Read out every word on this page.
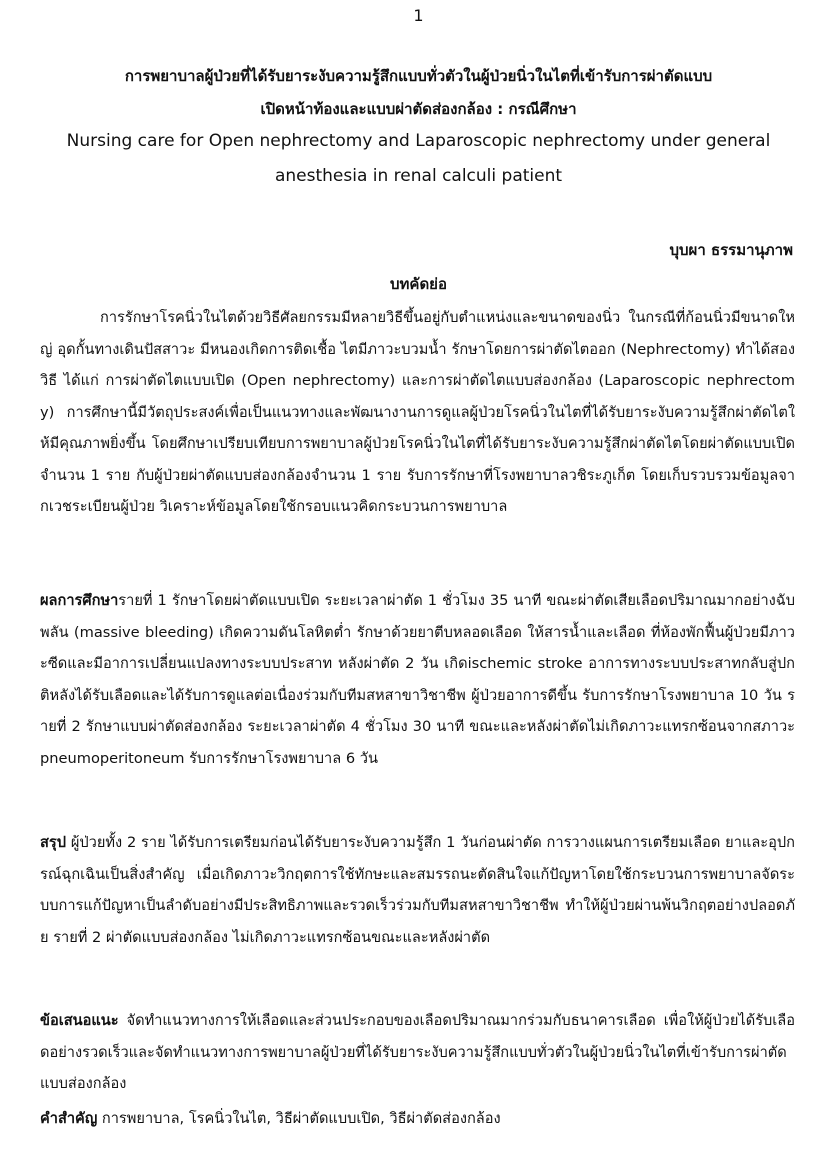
1
การพยาบาลผู้ป่วยที่ได้รับยาระงับความรู้สึกแบบทั่วตัวในผู้ป่วยนิ่วในไตที่เข้ารับการผ่าตัดแบบ
เปิดหน้าท้องและแบบผ่าตัดส่องกล้อง : กรณีศึกษา
Nursing care for Open nephrectomy and Laparoscopic nephrectomy under general
anesthesia in renal calculi patient
บุบผา ธรรมานุภาพ
บทคัดย่อ
การรักษาโรคนิ่วในไตด้วยวิธีศัลยกรรมมีหลายวิธีขึ้นอยู่กับตำแหน่งและขนาดของนิ่ว ในกรณีที่ก้อนนิ่วมีขนาดใหญ่ อุดกั้นทางเดินปัสสาวะ มีหนองเกิดการติดเชื้อ ไตมีภาวะบวมน้ำ รักษาโดยการผ่าตัดไตออก (Nephrectomy) ทำได้สองวิธี ได้แก่ การผ่าตัดไตแบบเปิด (Open nephrectomy) และการผ่าตัดไตแบบส่องกล้อง (Laparoscopic nephrectomy) การศึกษานี้มีวัตถุประสงค์เพื่อเป็นแนวทางและพัฒนางานการดูแลผู้ป่วยโรคนิ่วในไตที่ได้รับยาระงับความรู้สึกผ่าตัดไตให้มีคุณภาพยิ่งขึ้น โดยศึกษาเปรียบเทียบการพยาบาลผู้ป่วยโรคนิ่วในไตที่ได้รับยาระงับความรู้สึกผ่าตัดไตโดยผ่าตัดแบบเปิด จำนวน 1 ราย กับผู้ป่วยผ่าตัดแบบส่องกล้องจำนวน 1 ราย รับการรักษาที่โรงพยาบาลวชิระภูเก็ต โดยเก็บรวบรวมข้อมูลจากเวชระเบียนผู้ป่วย วิเคราะห์ข้อมูลโดยใช้กรอบแนวคิดกระบวนการพยาบาล
ผลการศึกษารายที่ 1 รักษาโดยผ่าตัดแบบเปิด ระยะเวลาผ่าตัด 1 ชั่วโมง 35 นาที ขณะผ่าตัดเสียเลือดปริมาณมากอย่างฉับพลัน (massive bleeding) เกิดความดันโลหิตต่ำ รักษาด้วยยาตีบหลอดเลือด ให้สารน้ำและเลือด ที่ห้องพักฟื้นผู้ป่วยมีภาวะซีดและมีอาการเปลี่ยนแปลงทางระบบประสาท หลังผ่าตัด 2 วัน เกิดischemic stroke อาการทางระบบประสาทกลับสู่ปกติหลังได้รับเลือดและได้รับการดูแลต่อเนื่องร่วมกับทีมสหสาขาวิชาชีพ ผู้ป่วยอาการดีขึ้น รับการรักษาโรงพยาบาล 10 วัน รายที่ 2 รักษาแบบผ่าตัดส่องกล้อง ระยะเวลาผ่าตัด 4 ชั่วโมง 30 นาที ขณะและหลังผ่าตัดไม่เกิดภาวะแทรกซ้อนจากสภาวะ pneumoperitoneum รับการรักษาโรงพยาบาล 6 วัน
สรุป ผู้ป่วยทั้ง 2 ราย ได้รับการเตรียมก่อนได้รับยาระงับความรู้สึก 1 วันก่อนผ่าตัด การวางแผนการเตรียมเลือด ยาและอุปกรณ์ฉุกเฉินเป็นสิ่งสำคัญ เมื่อเกิดภาวะวิกฤตการใช้ทักษะและสมรรถนะตัดสินใจแก้ปัญหาโดยใช้กระบวนการพยาบาลจัดระบบการแก้ปัญหาเป็นลำดับอย่างมีประสิทธิภาพและรวดเร็วร่วมกับทีมสหสาขาวิชาชีพ ทำให้ผู้ป่วยผ่านพ้นวิกฤตอย่างปลอดภัย รายที่ 2 ผ่าตัดแบบส่องกล้อง ไม่เกิดภาวะแทรกซ้อนขณะและหลังผ่าตัด
ข้อเสนอแนะ จัดทำแนวทางการให้เลือดและส่วนประกอบของเลือดปริมาณมากร่วมกับธนาคารเลือด เพื่อให้ผู้ป่วยได้รับเลือดอย่างรวดเร็วและจัดทำแนวทางการพยาบาลผู้ป่วยที่ได้รับยาระงับความรู้สึกแบบทั่วตัวในผู้ป่วยนิ่วในไตที่เข้ารับการผ่าตัดแบบส่องกล้อง
คำสำคัญ การพยาบาล, โรคนิ่วในไต, วิธีผ่าตัดแบบเปิด, วิธีผ่าตัดส่องกล้อง
